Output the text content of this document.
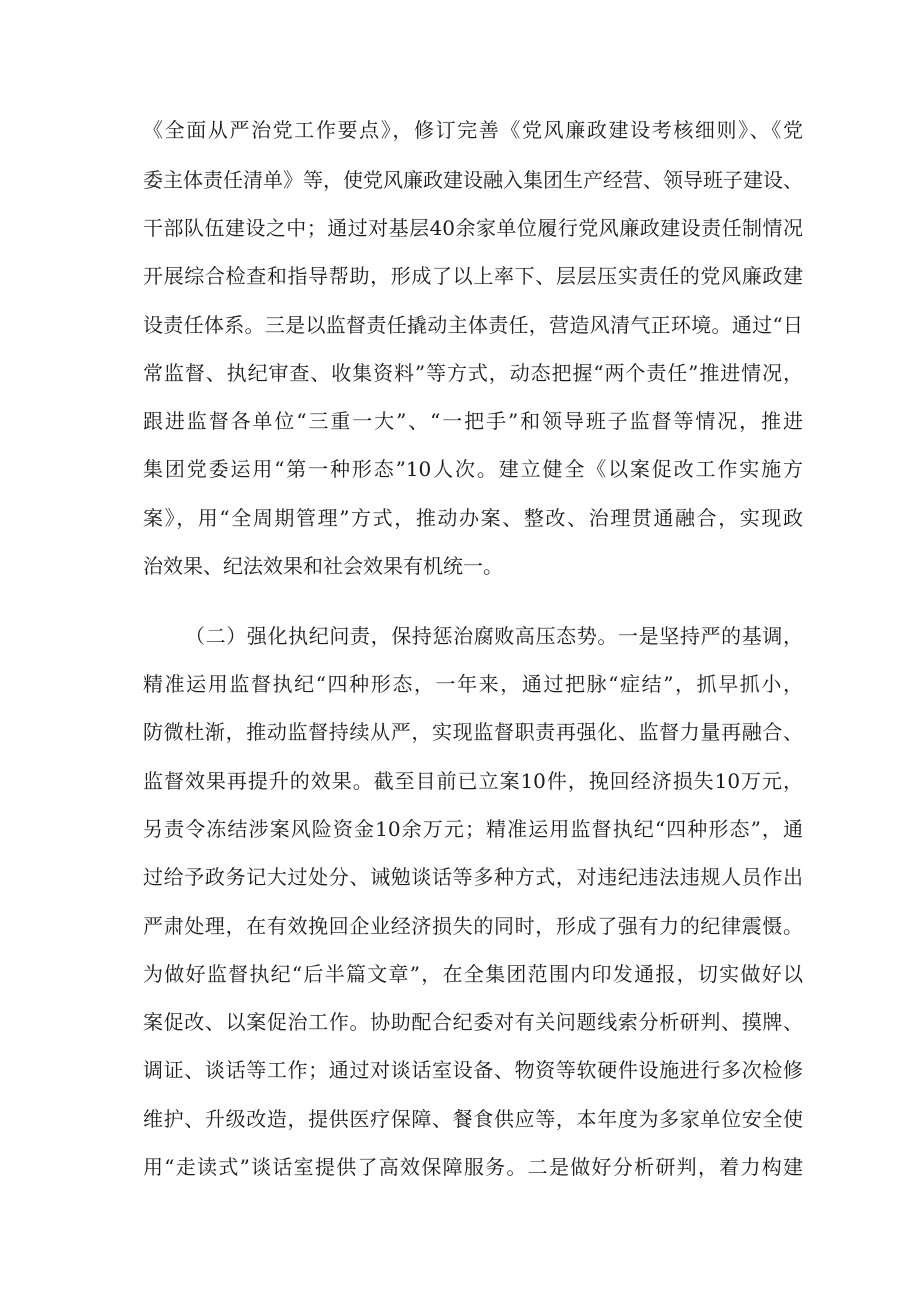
《全面从严治党工作要点》，修订完善《党风廉政建设考核细则》、《党
委主体责任清单》等，使党风廉政建设融入集团生产经营、领导班子建设、
干部队伍建设之中；通过对基层40余家单位履行党风廉政建设责任制情况
开展综合检查和指导帮助，形成了以上率下、层层压实责任的党风廉政建
设责任体系。三是以监督责任撬动主体责任，营造风清气正环境。通过“日
常监督、执纪审查、收集资料”等方式，动态把握“两个责任”推进情况，
跟进监督各单位“三重一大”、“一把手”和领导班子监督等情况，推进
集团党委运用“第一种形态”10人次。建立健全《以案促改工作实施方
案》，用“全周期管理”方式，推动办案、整改、治理贯通融合，实现政
治效果、纪法效果和社会效果有机统一。
（二）强化执纪问责，保持惩治腐败高压态势。一是坚持严的基调，
精准运用监督执纪“四种形态，一年来，通过把脉“症结”，抓早抓小，
防微杜渐，推动监督持续从严，实现监督职责再强化、监督力量再融合、
监督效果再提升的效果。截至目前已立案10件，挽回经济损失10万元，
另责令冻结涉案风险资金10余万元；精准运用监督执纪“四种形态”，通
过给予政务记大过处分、诫勉谈话等多种方式，对违纪违法违规人员作出
严肃处理，在有效挽回企业经济损失的同时，形成了强有力的纪律震慑。
为做好监督执纪“后半篇文章”，在全集团范围内印发通报，切实做好以
案促改、以案促治工作。协助配合纪委对有关问题线索分析研判、摸牌、
调证、谈话等工作；通过对谈话室设备、物资等软硬件设施进行多次检修
维护、升级改造，提供医疗保障、餐食供应等，本年度为多家单位安全使
用“走读式”谈话室提供了高效保障服务。二是做好分析研判，着力构建
